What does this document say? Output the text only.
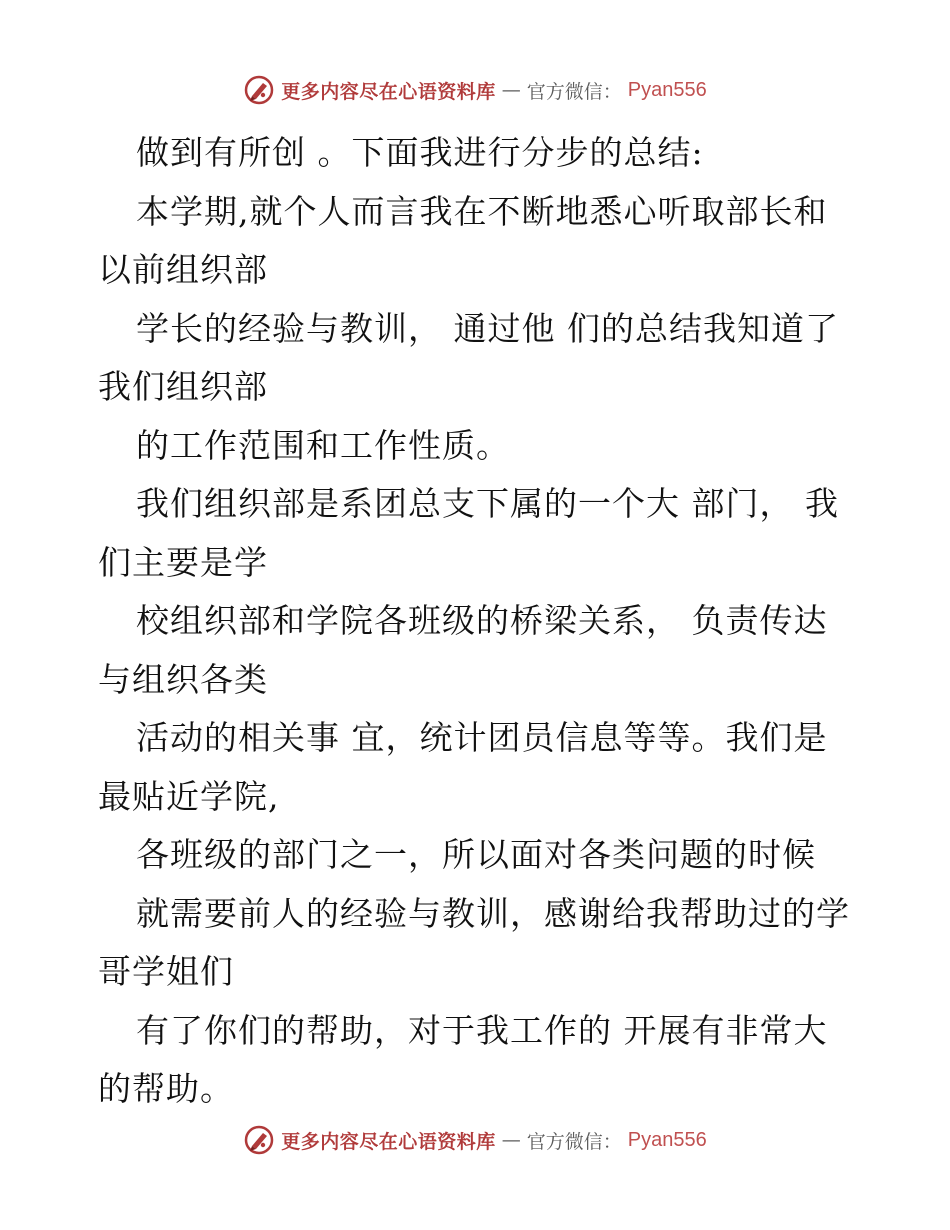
更多内容尽在心语资料库 — 官方微信： Pyan556
做到有所创 。下面我进行分步的总结:
本学期,就个人而言我在不断地悉心听取部长和
以前组织部
学长的经验与教训， 通过他 们的总结我知道了
我们组织部
的工作范围和工作性质。
我们组织部是系团总支下属的一个大 部门， 我
们主要是学
校组织部和学院各班级的桥梁关系， 负责传达
与组织各类
活动的相关事 宜，统计团员信息等等。我们是
最贴近学院,
各班级的部门之一，所以面对各类问题的时候
就需要前人的经验与教训，感谢给我帮助过的学
哥学姐们
有了你们的帮助，对于我工作的 开展有非常大
的帮助。
更多内容尽在心语资料库 — 官方微信： Pyan556
